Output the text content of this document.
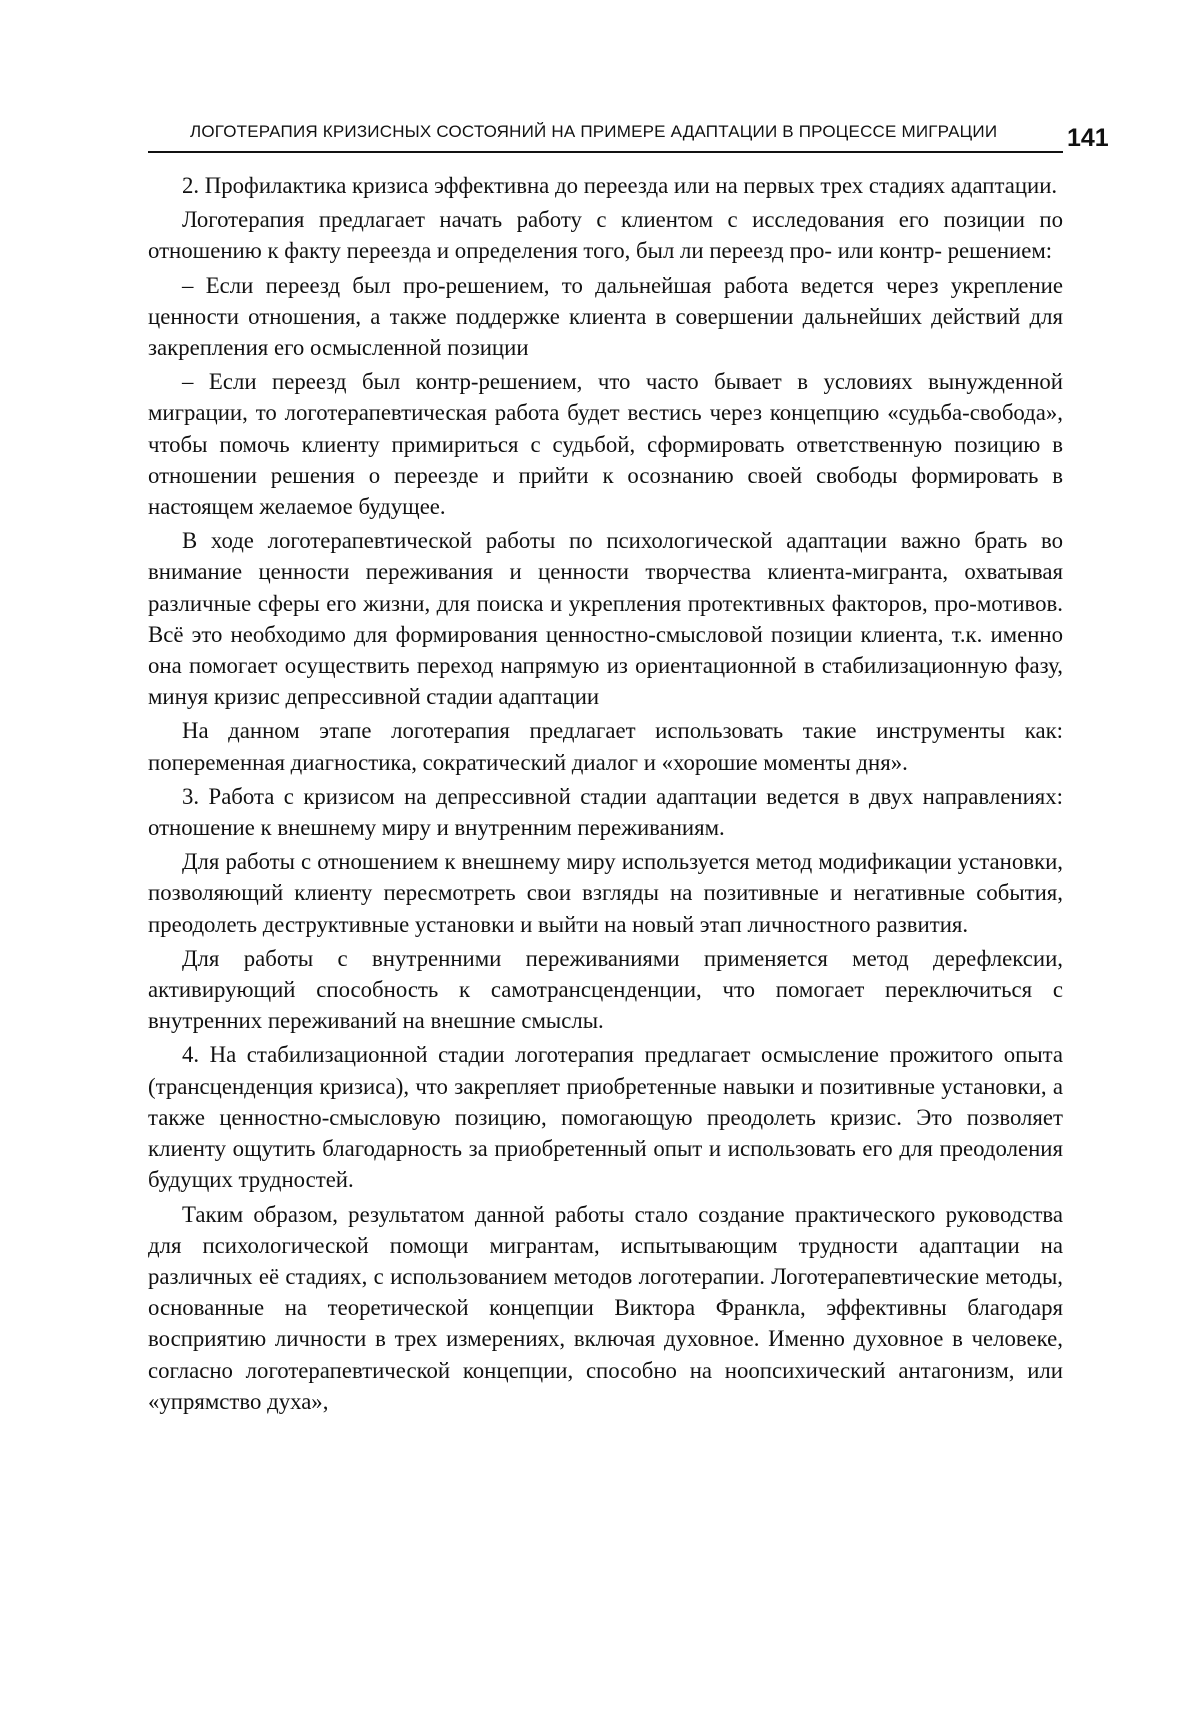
ЛОГОТЕРАПИЯ КРИЗИСНЫХ СОСТОЯНИЙ НА ПРИМЕРЕ АДАПТАЦИИ В ПРОЦЕССЕ МИГРАЦИИ	141

2. Профилактика кризиса эффективна до переезда или на первых трех стадиях адаптации.

Логотерапия предлагает начать работу с клиентом с исследования его позиции по отношению к факту переезда и определения того, был ли переезд про- или контр- решением:

– Если переезд был про-решением, то дальнейшая работа ведется через укрепление ценности отношения, а также поддержке клиента в совершении дальнейших действий для закрепления его осмысленной позиции

– Если переезд был контр-решением, что часто бывает в условиях вынужденной миграции, то логотерапевтическая работа будет вестись через концепцию «судьба-свобода», чтобы помочь клиенту примириться с судьбой, сформировать ответственную позицию в отношении решения о переезде и прийти к осознанию своей свободы формировать в настоящем желаемое будущее.

В ходе логотерапевтической работы по психологической адаптации важно брать во внимание ценности переживания и ценности творчества клиента-мигранта, охватывая различные сферы его жизни, для поиска и укрепления протективных факторов, про-мотивов. Всё это необходимо для формирования ценностно-смысловой позиции клиента, т.к. именно она помогает осуществить переход напрямую из ориентационной в стабилизационную фазу, минуя кризис депрессивной стадии адаптации

На данном этапе логотерапия предлагает использовать такие инструменты как: попеременная диагностика, сократический диалог и «хорошие моменты дня».

3. Работа с кризисом на депрессивной стадии адаптации ведется в двух направлениях: отношение к внешнему миру и внутренним переживаниям.

Для работы с отношением к внешнему миру используется метод модификации установки, позволяющий клиенту пересмотреть свои взгляды на позитивные и негативные события, преодолеть деструктивные установки и выйти на новый этап личностного развития.

Для работы с внутренними переживаниями применяется метод дерефлексии, активирующий способность к самотрансценденции, что помогает переключиться с внутренних переживаний на внешние смыслы.

4. На стабилизационной стадии логотерапия предлагает осмысление прожитого опыта (трансценденция кризиса), что закрепляет приобретенные навыки и позитивные установки, а также ценностно-смысловую позицию, помогающую преодолеть кризис. Это позволяет клиенту ощутить благодарность за приобретенный опыт и использовать его для преодоления будущих трудностей.

Таким образом, результатом данной работы стало создание практического руководства для психологической помощи мигрантам, испытывающим трудности адаптации на различных её стадиях, с использованием методов логотерапии. Логотерапевтические методы, основанные на теоретической концепции Виктора Франкла, эффективны благодаря восприятию личности в трех измерениях, включая духовное. Именно духовное в человеке, согласно логотерапевтической концепции, способно на ноопсихический антагонизм, или «упрямство духа»,
